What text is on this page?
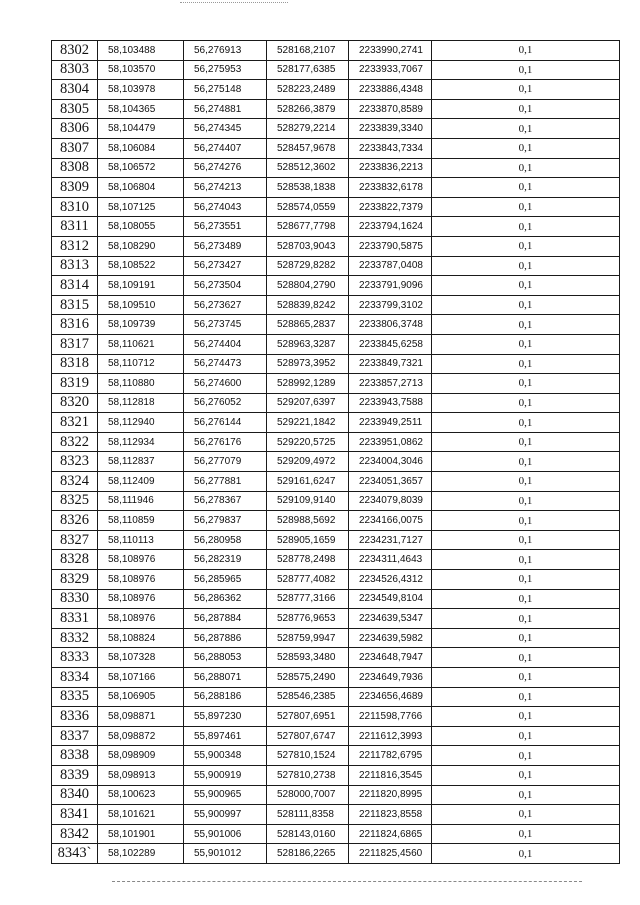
8302	58,103488	56,276913	528168,2107	2233990,2741	0,1
8303	58,103570	56,275953	528177,6385	2233933,7067	0,1
8304	58,103978	56,275148	528223,2489	2233886,4348	0,1
8305	58,104365	56,274881	528266,3879	2233870,8589	0,1
8306	58,104479	56,274345	528279,2214	2233839,3340	0,1
8307	58,106084	56,274407	528457,9678	2233843,7334	0,1
8308	58,106572	56,274276	528512,3602	2233836,2213	0,1
8309	58,106804	56,274213	528538,1838	2233832,6178	0,1
8310	58,107125	56,274043	528574,0559	2233822,7379	0,1
8311	58,108055	56,273551	528677,7798	2233794,1624	0,1
8312	58,108290	56,273489	528703,9043	2233790,5875	0,1
8313	58,108522	56,273427	528729,8282	2233787,0408	0,1
8314	58,109191	56,273504	528804,2790	2233791,9096	0,1
8315	58,109510	56,273627	528839,8242	2233799,3102	0,1
8316	58,109739	56,273745	528865,2837	2233806,3748	0,1
8317	58,110621	56,274404	528963,3287	2233845,6258	0,1
8318	58,110712	56,274473	528973,3952	2233849,7321	0,1
8319	58,110880	56,274600	528992,1289	2233857,2713	0,1
8320	58,112818	56,276052	529207,6397	2233943,7588	0,1
8321	58,112940	56,276144	529221,1842	2233949,2511	0,1
8322	58,112934	56,276176	529220,5725	2233951,0862	0,1
8323	58,112837	56,277079	529209,4972	2234004,3046	0,1
8324	58,112409	56,277881	529161,6247	2234051,3657	0,1
8325	58,111946	56,278367	529109,9140	2234079,8039	0,1
8326	58,110859	56,279837	528988,5692	2234166,0075	0,1
8327	58,110113	56,280958	528905,1659	2234231,7127	0,1
8328	58,108976	56,282319	528778,2498	2234311,4643	0,1
8329	58,108976	56,285965	528777,4082	2234526,4312	0,1
8330	58,108976	56,286362	528777,3166	2234549,8104	0,1
8331	58,108976	56,287884	528776,9653	2234639,5347	0,1
8332	58,108824	56,287886	528759,9947	2234639,5982	0,1
8333	58,107328	56,288053	528593,3480	2234648,7947	0,1
8334	58,107166	56,288071	528575,2490	2234649,7936	0,1
8335	58,106905	56,288186	528546,2385	2234656,4689	0,1
8336	58,098871	55,897230	527807,6951	2211598,7766	0,1
8337	58,098872	55,897461	527807,6747	2211612,3993	0,1
8338	58,098909	55,900348	527810,1524	2211782,6795	0,1
8339	58,098913	55,900919	527810,2738	2211816,3545	0,1
8340	58,100623	55,900965	528000,7007	2211820,8995	0,1
8341	58,101621	55,900997	528111,8358	2211823,8558	0,1
8342	58,101901	55,901006	528143,0160	2211824,6865	0,1
8343`	58,102289	55,901012	528186,2265	2211825,4560	0,1
